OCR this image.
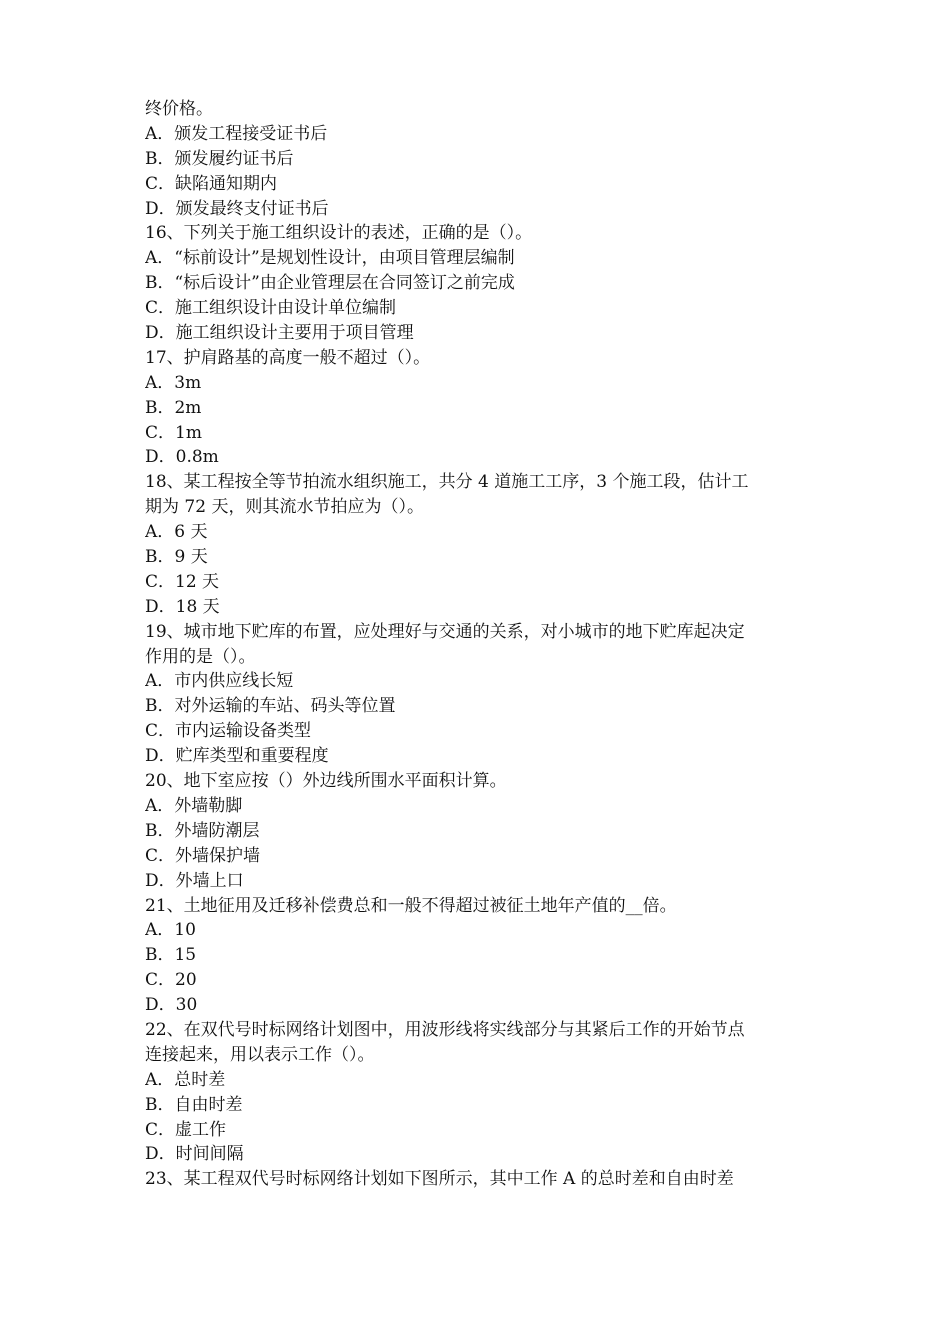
终价格。
A．颁发工程接受证书后
B．颁发履约证书后
C．缺陷通知期内
D．颁发最终支付证书后
16、下列关于施工组织设计的表述，正确的是（）。
A．“标前设计”是规划性设计，由项目管理层编制
B．“标后设计”由企业管理层在合同签订之前完成
C．施工组织设计由设计单位编制
D．施工组织设计主要用于项目管理
17、护肩路基的高度一般不超过（）。
A．3m
B．2m
C．1m
D．0.8m
18、某工程按全等节拍流水组织施工，共分 4 道施工工序，3 个施工段，估计工
期为 72 天，则其流水节拍应为（）。
A．6 天
B．9 天
C．12 天
D．18 天
19、城市地下贮库的布置，应处理好与交通的关系，对小城市的地下贮库起决定
作用的是（）。
A．市内供应线长短
B．对外运输的车站、码头等位置
C．市内运输设备类型
D．贮库类型和重要程度
20、地下室应按（）外边线所围水平面积计算。
A．外墙勒脚
B．外墙防潮层
C．外墙保护墙
D．外墙上口
21、土地征用及迁移补偿费总和一般不得超过被征土地年产值的__倍。
A．10
B．15
C．20
D．30
22、在双代号时标网络计划图中，用波形线将实线部分与其紧后工作的开始节点
连接起来，用以表示工作（）。
A．总时差
B．自由时差
C．虚工作
D．时间间隔
23、某工程双代号时标网络计划如下图所示，其中工作 A 的总时差和自由时差
